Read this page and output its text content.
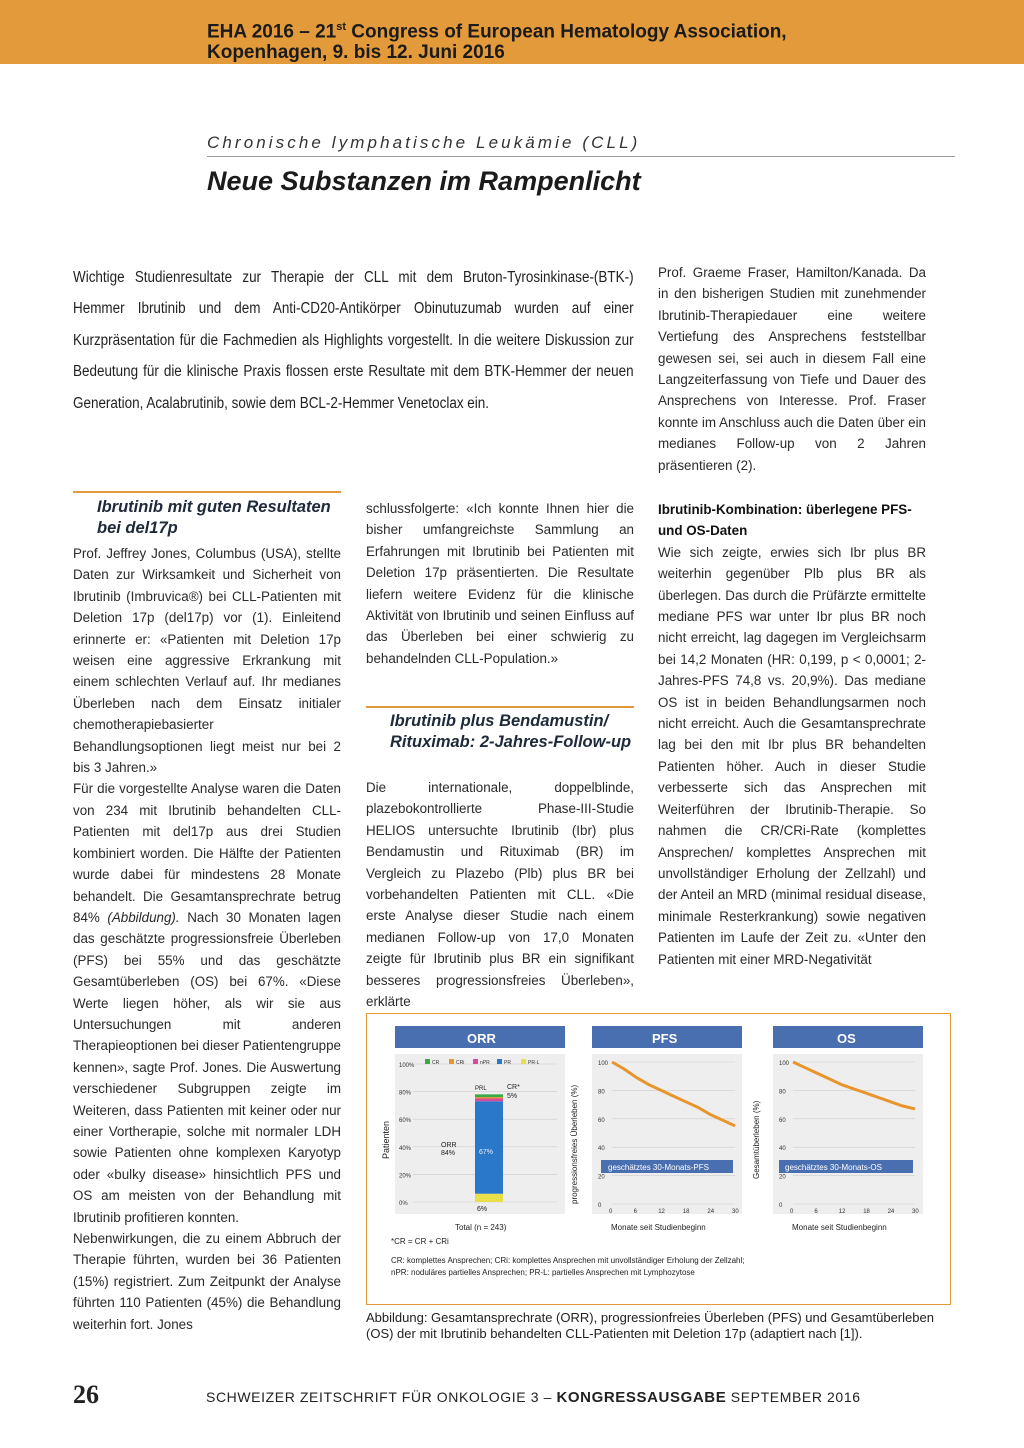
EHA 2016 – 21st Congress of European Hematology Association,
Kopenhagen, 9. bis 12. Juni 2016
Chronische lymphatische Leukämie (CLL)
Neue Substanzen im Rampenlicht
Wichtige Studienresultate zur Therapie der CLL mit dem Bruton-Tyrosinkinase-(BTK-) Hemmer Ibrutinib und dem Anti-CD20-Antikörper Obinutuzumab wurden auf einer Kurzpräsentation für die Fachmedien als Highlights vorgestellt. In die weitere Diskussion zur Bedeutung für die klinische Praxis flossen erste Resultate mit dem BTK-Hemmer der neuen Generation, Acalabrutinib, sowie dem BCL-2-Hemmer Venetoclax ein.

Prof. Graeme Fraser, Hamilton/Kanada. Da in den bisherigen Studien mit zunehmender Ibrutinib-Therapiedauer eine weitere Vertiefung des Ansprechens feststellbar gewesen sei, sei auch in diesem Fall eine Langzeiterfassung von Tiefe und Dauer des Ansprechens von Interesse. Prof. Fraser konnte im Anschluss auch die Daten über ein medianes Follow-up von 2 Jahren präsentieren (2).

Ibrutinib mit guten Resultaten bei del17p

Prof. Jeffrey Jones, Columbus (USA), stellte Daten zur Wirksamkeit und Sicherheit von Ibrutinib (Imbruvica®) bei CLL-Patienten mit Deletion 17p (del17p) vor (1). Einleitend erinnerte er: «Patienten mit Deletion 17p weisen eine aggressive Erkrankung mit einem schlechten Verlauf auf. Ihr medianes Überleben nach dem Einsatz initialer chemotherapiebasierter Behandlungsoptionen liegt meist nur bei 2 bis 3 Jahren.»

Für die vorgestellte Analyse waren die Daten von 234 mit Ibrutinib behandelten CLL-Patienten mit del17p aus drei Studien kombiniert worden. Die Hälfte der Patienten wurde dabei für mindestens 28 Monate behandelt. Die Gesamtansprechrate betrug 84% (Abbildung). Nach 30 Monaten lagen das geschätzte progressionsfreie Überleben (PFS) bei 55% und das geschätzte Gesamtüberleben (OS) bei 67%. «Diese Werte liegen höher, als wir sie aus Untersuchungen mit anderen Therapieoptionen bei dieser Patientengruppe kennen», sagte Prof. Jones. Die Auswertung verschiedener Subgruppen zeigte im Weiteren, dass Patienten mit keiner oder nur einer Vortherapie, solche mit normaler LDH sowie Patienten ohne komplexen Karyotyp oder «bulky disease» hinsichtlich PFS und OS am meisten von der Behandlung mit Ibrutinib profitieren konnten.

Nebenwirkungen, die zu einem Abbruch der Therapie führten, wurden bei 36 Patienten (15%) registriert. Zum Zeitpunkt der Analyse führten 110 Patienten (45%) die Behandlung weiterhin fort. Jones

schlussfolgerte: «Ich konnte Ihnen hier die bisher umfangreichste Sammlung an Erfahrungen mit Ibrutinib bei Patienten mit Deletion 17p präsentierten. Die Resultate liefern weitere Evidenz für die klinische Aktivität von Ibrutinib und seinen Einfluss auf das Überleben bei einer schwierig zu behandelnden CLL-Population.»

Ibrutinib plus Bendamustin/ Rituximab: 2-Jahres-Follow-up

Die internationale, doppelblinde, plazebokontrollierte Phase-III-Studie HELIOS untersuchte Ibrutinib (Ibr) plus Bendamustin und Rituximab (BR) im Vergleich zu Plazebo (Plb) plus BR bei vorbehandelten Patienten mit CLL. «Die erste Analyse dieser Studie nach einem medianen Follow-up von 17,0 Monaten zeigte für Ibrutinib plus BR ein signifikant besseres progressionsfreies Überleben», erklärte

Ibrutinib-Kombination: überlegene PFS- und OS-Daten

Wie sich zeigte, erwies sich Ibr plus BR weiterhin gegenüber Plb plus BR als überlegen. Das durch die Prüfärzte ermittelte mediane PFS war unter Ibr plus BR noch nicht erreicht, lag dagegen im Vergleichsarm bei 14,2 Monaten (HR: 0,199, p < 0,0001; 2-Jahres-PFS 74,8 vs. 20,9%). Das mediane OS ist in beiden Behandlungsarmen noch nicht erreicht. Auch die Gesamtansprechrate lag bei den mit Ibr plus BR behandelten Patienten höher. Auch in dieser Studie verbesserte sich das Ansprechen mit Weiterführen der Ibrutinib-Therapie. So nahmen die CR/CRi-Rate (komplettes Ansprechen/ komplettes Ansprechen mit unvollständiger Erholung der Zellzahl) und der Anteil an MRD (minimal residual disease, minimale Resterkrankung) sowie negativen Patienten im Laufe der Zeit zu. «Unter den Patienten mit einer MRD-Negativität

ORR
Patienten
100%
80%
60%
40%
20%
0%
CR	CRi	nPR	PR	PR-L
ORR
84%	67%
PRL	CR*
5%
6%
Total (n = 243)
PFS
progressionsfreies Überleben (%)
100
80
60
40
20
0
0	6	12	18	24	30
geschätztes 30-Monats-PFS
Monate seit Studienbeginn
OS
Gesamtüberleben (%)
100
80
60
40
20
0
0	6	12	18	24	30
geschätztes 30-Monats-OS
Monate seit Studienbeginn
*CR = CR + CRi
CR: komplettes Ansprechen; CRi: komplettes Ansprechen mit unvollständiger Erholung der Zellzahl;
nPR: noduläres partielles Ansprechen; PR-L: partielles Ansprechen mit Lymphozytose
Abbildung: Gesamtansprechrate (ORR), progressionfreies Überleben (PFS) und Gesamtüberleben (OS) der mit Ibrutinib behandelten CLL-Patienten mit Deletion 17p (adaptiert nach [1]).
26	SCHWEIZER ZEITSCHRIFT FÜR ONKOLOGIE 3 – KONGRESSAUSGABE SEPTEMBER 2016
